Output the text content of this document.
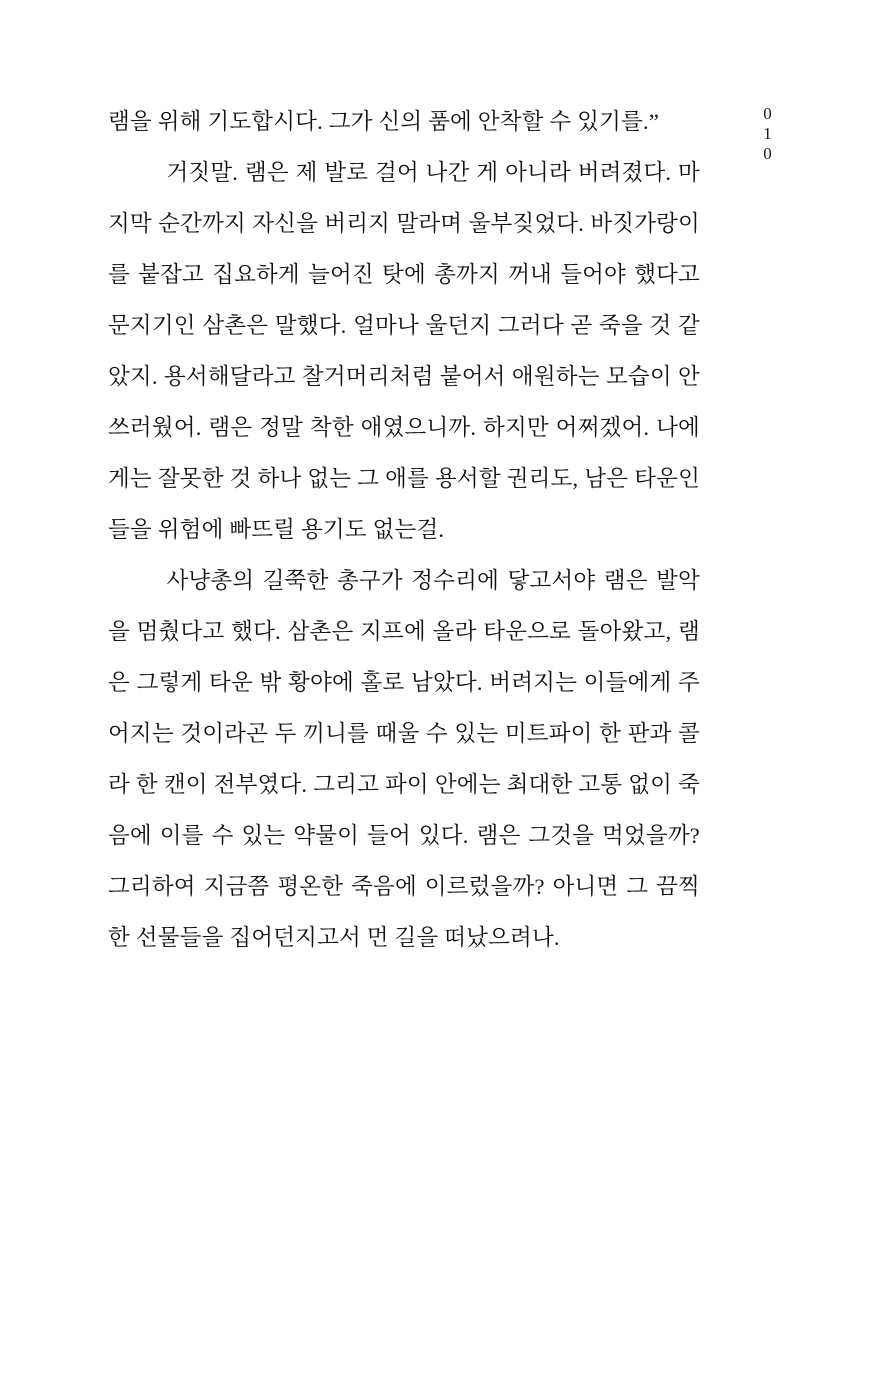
010

램을 위해 기도합시다. 그가 신의 품에 안착할 수 있기를.”

거짓말. 램은 제 발로 걸어 나간 게 아니라 버려졌다. 마지막 순간까지 자신을 버리지 말라며 울부짖었다. 바짓가랑이를 붙잡고 집요하게 늘어진 탓에 총까지 꺼내 들어야 했다고 문지기인 삼촌은 말했다. 얼마나 울던지 그러다 곧 죽을 것 같았지. 용서해달라고 찰거머리처럼 붙어서 애원하는 모습이 안쓰러웠어. 램은 정말 착한 애였으니까. 하지만 어쩌겠어. 나에게는 잘못한 것 하나 없는 그 애를 용서할 권리도, 남은 타운인들을 위험에 빠뜨릴 용기도 없는걸.

사냥총의 길쭉한 총구가 정수리에 닿고서야 램은 발악을 멈췄다고 했다. 삼촌은 지프에 올라 타운으로 돌아왔고, 램은 그렇게 타운 밖 황야에 홀로 남았다. 버려지는 이들에게 주어지는 것이라곤 두 끼니를 때울 수 있는 미트파이 한 판과 콜라 한 캔이 전부였다. 그리고 파이 안에는 최대한 고통 없이 죽음에 이를 수 있는 약물이 들어 있다. 램은 그것을 먹었을까? 그리하여 지금쯤 평온한 죽음에 이르렀을까? 아니면 그 끔찍한 선물들을 집어던지고서 먼 길을 떠났으려나.
